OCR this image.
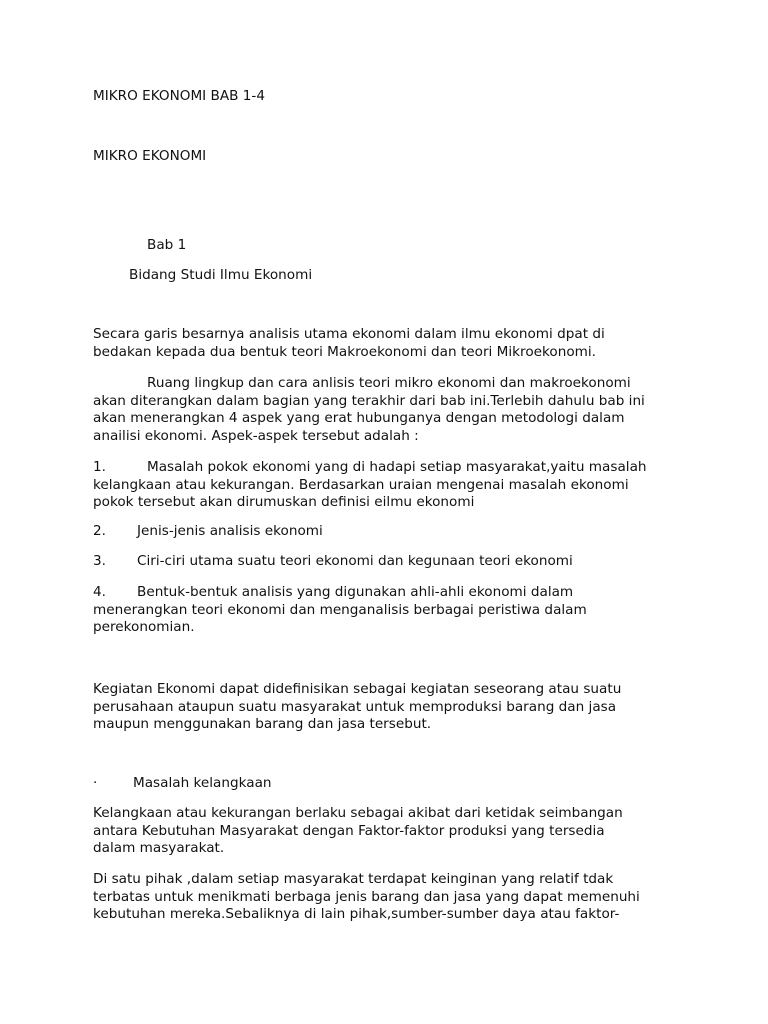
MIKRO EKONOMI BAB 1-4

MIKRO EKONOMI

Bab 1

Bidang Studi Ilmu Ekonomi

Secara garis besarnya analisis utama ekonomi dalam ilmu ekonomi dpat di
bedakan kepada dua bentuk teori Makroekonomi dan teori Mikroekonomi.
Ruang lingkup dan cara anlisis teori mikro ekonomi dan makroekonomi
akan diterangkan dalam bagian yang terakhir dari bab ini.Terlebih dahulu bab ini
akan menerangkan 4 aspek yang erat hubunganya dengan metodologi dalam
anailisi ekonomi. Aspek-aspek tersebut adalah :
1.	Masalah pokok ekonomi yang di hadapi setiap masyarakat,yaitu masalah
kelangkaan atau kekurangan. Berdasarkan uraian mengenai masalah ekonomi
pokok tersebut akan dirumuskan definisi eilmu ekonomi
2.	Jenis-jenis analisis ekonomi
3.	Ciri-ciri utama suatu teori ekonomi dan kegunaan teori ekonomi
4.	Bentuk-bentuk analisis yang digunakan ahli-ahli ekonomi dalam
menerangkan teori ekonomi dan menganalisis berbagai peristiwa dalam
perekonomian.
Kegiatan Ekonomi dapat didefinisikan sebagai kegiatan seseorang atau suatu
perusahaan ataupun suatu masyarakat untuk memproduksi barang dan jasa
maupun menggunakan barang dan jasa tersebut.
·	Masalah kelangkaan
Kelangkaan atau kekurangan berlaku sebagai akibat dari ketidak seimbangan
antara Kebutuhan Masyarakat dengan Faktor-faktor produksi yang tersedia
dalam masyarakat.
Di satu pihak ,dalam setiap masyarakat terdapat keinginan yang relatif tdak
terbatas untuk menikmati berbaga jenis barang dan jasa yang dapat memenuhi
kebutuhan mereka.Sebaliknya di lain pihak,sumber-sumber daya atau faktor-
